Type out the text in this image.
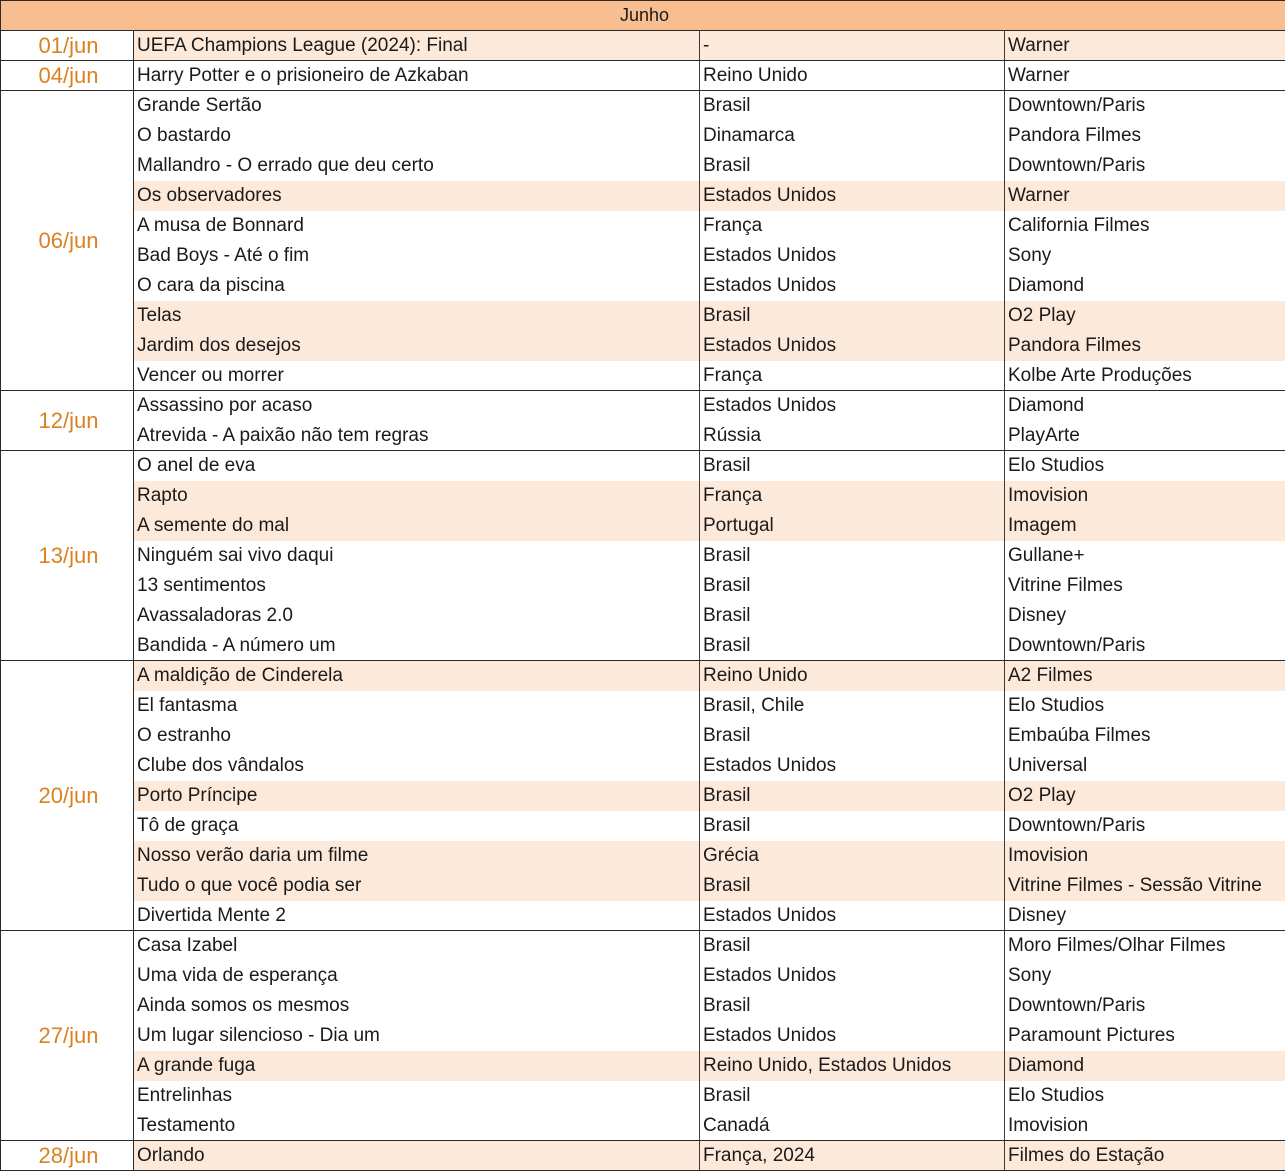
Junho			
01/jun	UEFA Champions League (2024): Final	-	Warner
04/jun	Harry Potter e o prisioneiro de Azkaban	Reino Unido	Warner
06/jun	Grande Sertão	Brasil	Downtown/Paris
	O bastardo	Dinamarca	Pandora Filmes
	Mallandro - O errado que deu certo	Brasil	Downtown/Paris
	Os observadores	Estados Unidos	Warner
	A musa de Bonnard	França	California Filmes
	Bad Boys - Até o fim	Estados Unidos	Sony
	O cara da piscina	Estados Unidos	Diamond
	Telas	Brasil	O2 Play
	Jardim dos desejos	Estados Unidos	Pandora Filmes
	Vencer ou morrer	França	Kolbe Arte Produções
12/jun	Assassino por acaso	Estados Unidos	Diamond
	Atrevida - A paixão não tem regras	Rússia	PlayArte
13/jun	O anel de eva	Brasil	Elo Studios
	Rapto	França	Imovision
	A semente do mal	Portugal	Imagem
	Ninguém sai vivo daqui	Brasil	Gullane+
	13 sentimentos	Brasil	Vitrine Filmes
	Avassaladoras 2.0	Brasil	Disney
	Bandida - A número um	Brasil	Downtown/Paris
20/jun	A maldição de Cinderela	Reino Unido	A2 Filmes
	El fantasma	Brasil, Chile	Elo Studios
	O estranho	Brasil	Embaúba Filmes
	Clube dos vândalos	Estados Unidos	Universal
	Porto Príncipe	Brasil	O2 Play
	Tô de graça	Brasil	Downtown/Paris
	Nosso verão daria um filme	Grécia	Imovision
	Tudo o que você podia ser	Brasil	Vitrine Filmes - Sessão Vitrine
	Divertida Mente 2	Estados Unidos	Disney
27/jun	Casa Izabel	Brasil	Moro Filmes/Olhar Filmes
	Uma vida de esperança	Estados Unidos	Sony
	Ainda somos os mesmos	Brasil	Downtown/Paris
	Um lugar silencioso - Dia um	Estados Unidos	Paramount Pictures
	A grande fuga	Reino Unido, Estados Unidos	Diamond
	Entrelinhas	Brasil	Elo Studios
	Testamento	Canadá	Imovision
28/jun	Orlando	França, 2024	Filmes do Estação
